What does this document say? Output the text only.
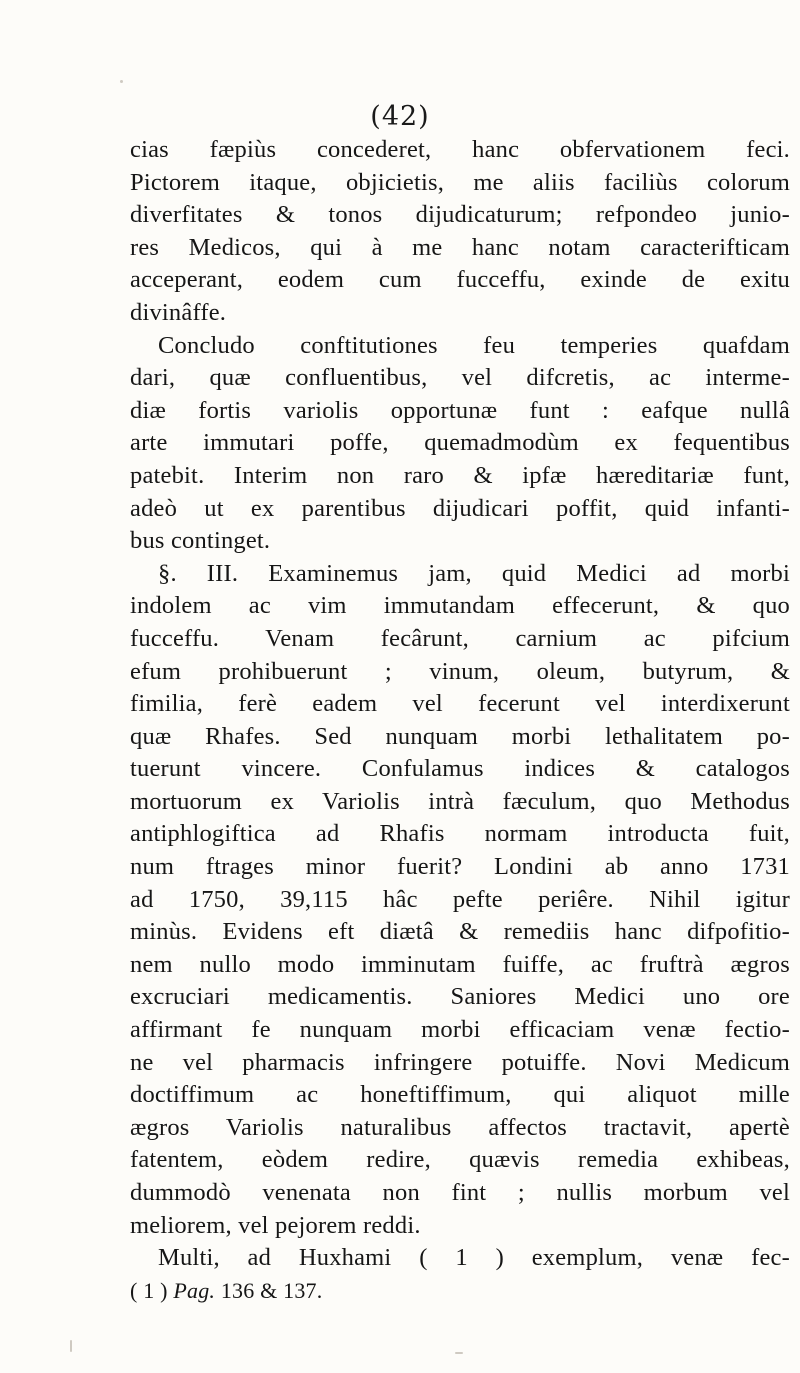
(42)
cias fæpiùs concederet, hanc obfervationem feci.
Pictorem itaque, objicietis, me aliis faciliùs colorum
diverfitates & tonos dijudicaturum; refpondeo junio-
res Medicos, qui à me hanc notam caracterifticam
acceperant, eodem cum fucceffu, exinde de exitu
divinâffe.
Concludo conftitutiones feu temperies quafdam
dari, quæ confluentibus, vel difcretis, ac interme-
diæ fortis variolis opportunæ funt : eafque nullâ
arte immutari poffe, quemadmodùm ex fequentibus
patebit. Interim non raro & ipfæ hæreditariæ funt,
adeò ut ex parentibus dijudicari poffit, quid infanti-
bus continget.
§. III. Examinemus jam, quid Medici ad morbi
indolem ac vim immutandam effecerunt, & quo
fucceffu. Venam fecârunt, carnium ac pifcium
efum prohibuerunt ; vinum, oleum, butyrum, &
fimilia, ferè eadem vel fecerunt vel interdixerunt
quæ Rhafes. Sed nunquam morbi lethalitatem po-
tuerunt vincere. Confulamus indices & catalogos
mortuorum ex Variolis intrà fæculum, quo Methodus
antiphlogiftica ad Rhafis normam introducta fuit,
num ftrages minor fuerit? Londini ab anno 1731
ad 1750, 39,115 hâc pefte periêre. Nihil igitur
minùs. Evidens eft diætâ & remediis hanc difpofitio-
nem nullo modo imminutam fuiffe, ac fruftrà ægros
excruciari medicamentis. Saniores Medici uno ore
affirmant fe nunquam morbi efficaciam venæ fectio-
ne vel pharmacis infringere potuiffe. Novi Medicum
doctiffimum ac honeftiffimum, qui aliquot mille
ægros Variolis naturalibus affectos tractavit, apertè
fatentem, eòdem redire, quævis remedia exhibeas,
dummodò venenata non fint ; nullis morbum vel
meliorem, vel pejorem reddi.
Multi, ad Huxhami ( 1 ) exemplum, venæ fec-
( 1 ) Pag. 136 & 137.
